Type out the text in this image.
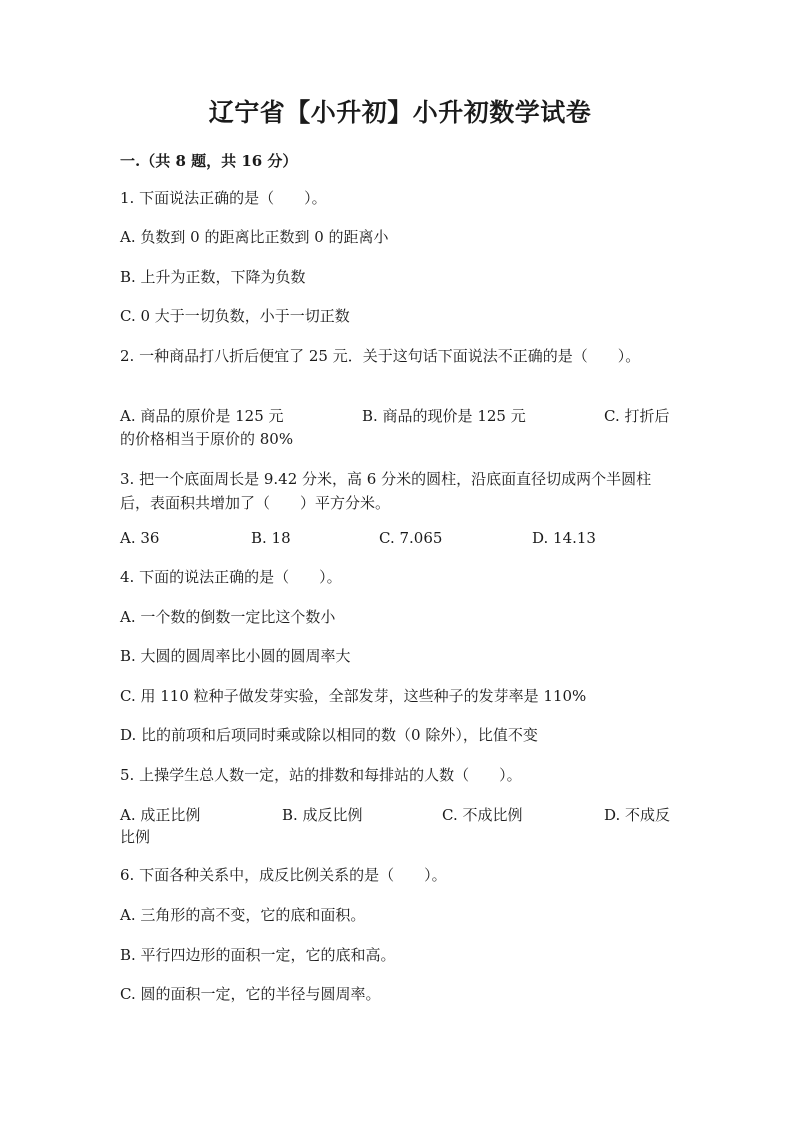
辽宁省【小升初】小升初数学试卷
一.（共 8 题，共 16 分）
1. 下面说法正确的是（　　）。
A. 负数到 0 的距离比正数到 0 的距离小
B. 上升为正数，下降为负数
C. 0 大于一切负数，小于一切正数
2. 一种商品打八折后便宜了 25 元．关于这句话下面说法不正确的是（　　）。
A. 商品的原价是 125 元	B. 商品的现价是 125 元	C. 打折后
的价格相当于原价的 80%
3. 把一个底面周长是 9.42 分米，高 6 分米的圆柱，沿底面直径切成两个半圆柱后，表面积共增加了（　　）平方分米。
A. 36	B. 18	C. 7.065	D. 14.13
4. 下面的说法正确的是（　　）。
A. 一个数的倒数一定比这个数小
B. 大圆的圆周率比小圆的圆周率大
C. 用 110 粒种子做发芽实验，全部发芽，这些种子的发芽率是 110%
D. 比的前项和后项同时乘或除以相同的数（0 除外），比值不变
5. 上操学生总人数一定，站的排数和每排站的人数（　　）。
A. 成正比例	B. 成反比例	C. 不成比例	D. 不成反
比例
6. 下面各种关系中，成反比例关系的是（　　）。
A. 三角形的高不变，它的底和面积。
B. 平行四边形的面积一定，它的底和高。
C. 圆的面积一定，它的半径与圆周率。
